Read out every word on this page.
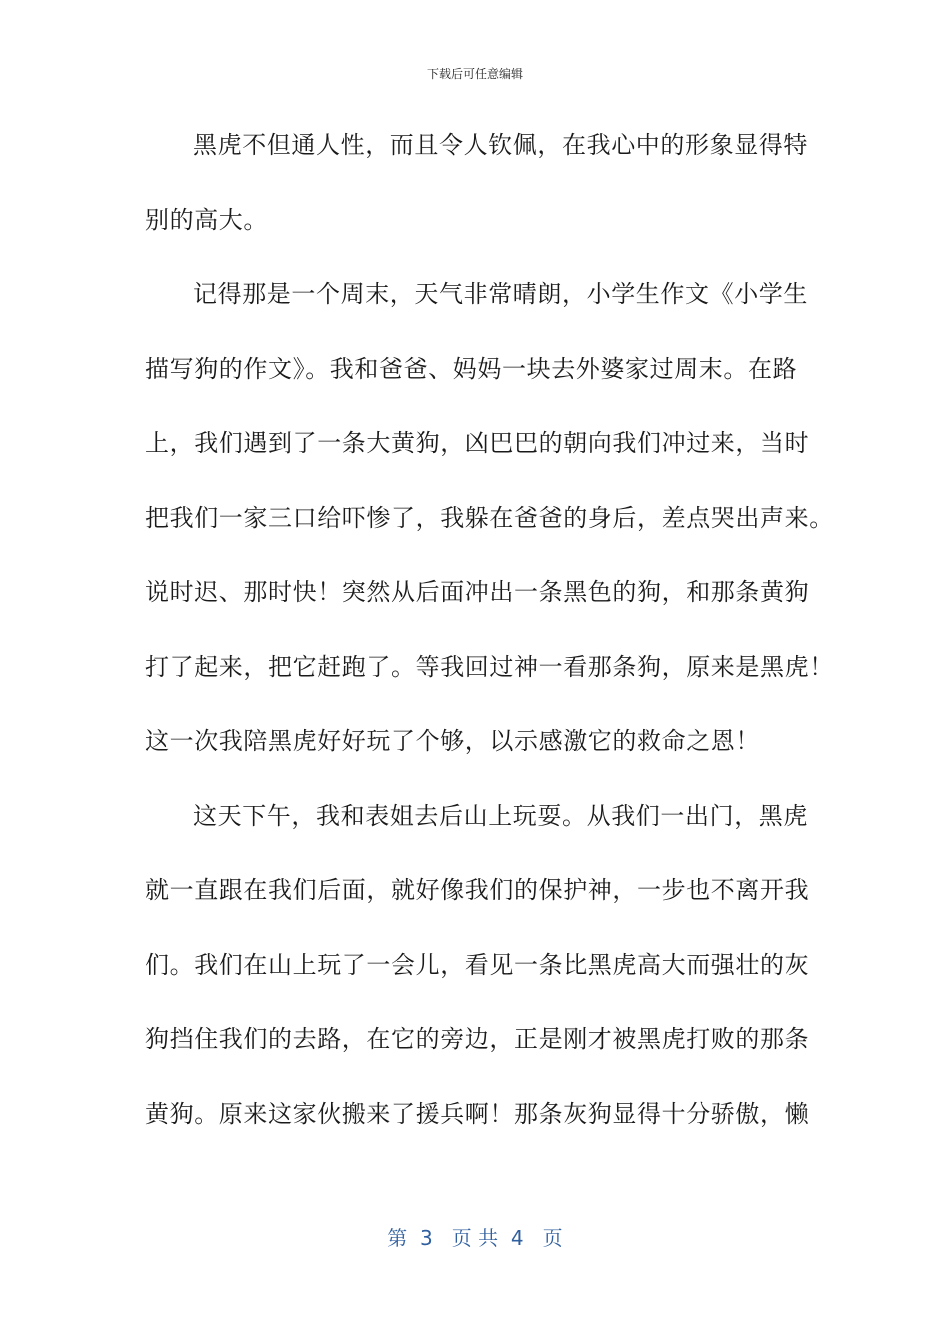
下载后可任意编辑
黑虎不但通人性，而且令人钦佩，在我心中的形象显得特
别的高大。
记得那是一个周末，天气非常晴朗，小学生作文《小学生
描写狗的作文》。我和爸爸、妈妈一块去外婆家过周末。在路
上，我们遇到了一条大黄狗，凶巴巴的朝向我们冲过来，当时
把我们一家三口给吓惨了，我躲在爸爸的身后，差点哭出声来。
说时迟、那时快！突然从后面冲出一条黑色的狗，和那条黄狗
打了起来，把它赶跑了。等我回过神一看那条狗，原来是黑虎！
这一次我陪黑虎好好玩了个够，以示感激它的救命之恩！
这天下午，我和表姐去后山上玩耍。从我们一出门，黑虎
就一直跟在我们后面，就好像我们的保护神，一步也不离开我
们。我们在山上玩了一会儿，看见一条比黑虎高大而强壮的灰
狗挡住我们的去路，在它的旁边，正是刚才被黑虎打败的那条
黄狗。原来这家伙搬来了援兵啊！那条灰狗显得十分骄傲，懒
第  3   页 共  4   页
